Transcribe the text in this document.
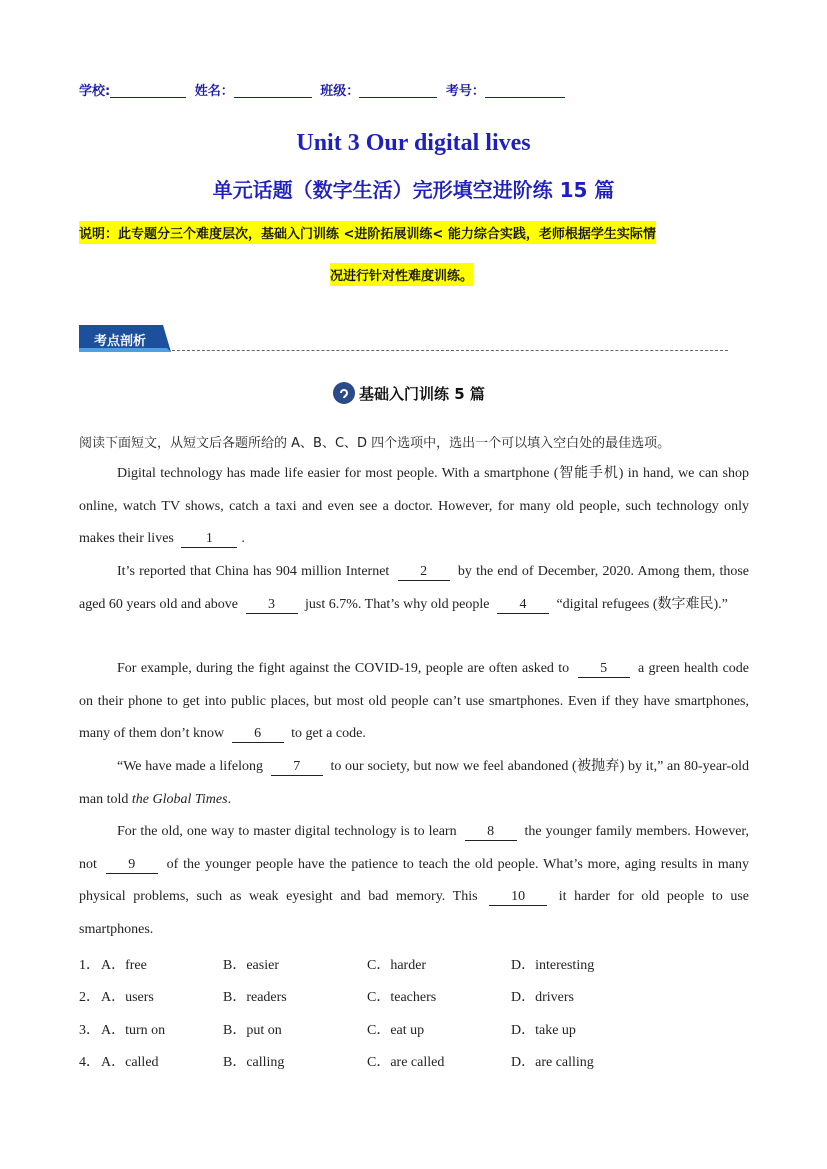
学校:	姓名：	班级：	考号：
Unit 3 Our digital lives
单元话题（数字生活）完形填空进阶练 15 篇
说明：此专题分三个难度层次，基础入门训练 <进阶拓展训练< 能力综合实践，老师根据学生实际情
况进行针对性难度训练。
考点剖析
基础入门训练 5 篇
阅读下面短文，从短文后各题所给的 A、B、C、D 四个选项中，选出一个可以填入空白处的最佳选项。
Digital technology has made life easier for most people. With a smartphone (智能手机) in hand, we can shop online, watch TV shows, catch a taxi and even see a doctor. However, for many old people, such technology only makes their lives 1 .
It’s reported that China has 904 million Internet 2 by the end of December, 2020. Among them, those aged 60 years old and above 3 just 6.7%. That’s why old people 4 “digital refugees (数字难民).”
For example, during the fight against the COVID-19, people are often asked to 5 a green health code on their phone to get into public places, but most old people can’t use smartphones. Even if they have smartphones, many of them don’t know 6 to get a code.
“We have made a lifelong 7 to our society, but now we feel abandoned (被抛弃) by it,” an 80-year-old man told the Global Times.
For the old, one way to master digital technology is to learn 8 the younger family members. However, not 9 of the younger people have the patience to teach the old people. What’s more, aging results in many physical problems, such as weak eyesight and bad memory. This 10 it harder for old people to use smartphones.
1． A．free	B．easier	C．harder	D．interesting
2． A．users	B．readers	C．teachers	D．drivers
3． A．turn on	B．put on	C．eat up	D．take up
4． A．called	B．calling	C．are called	D．are calling
